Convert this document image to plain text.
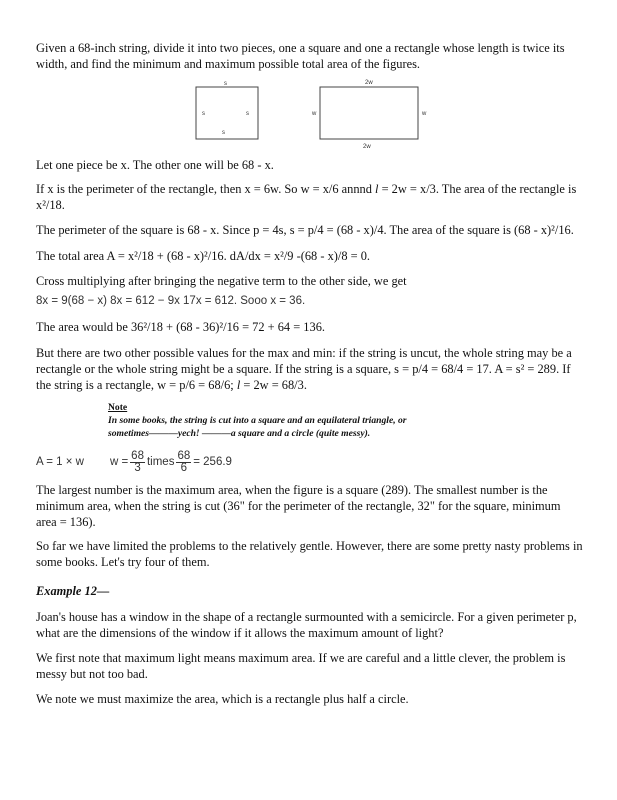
Given a 68-inch string, divide it into two pieces, one a square and one a rectangle whose length is twice its width, and find the minimum and maximum possible total area of the figures.

s
s	s
s
2w
w	w
2w

Let one piece be x. The other one will be 68 - x.

If x is the perimeter of the rectangle, then x = 6w. So w = x/6 annnd l = 2w = x/3. The area of the rectangle is x²/18.

The perimeter of the square is 68 - x. Since p = 4s, s = p/4 = (68 - x)/4. The area of the square is (68 - x)²/16.

The total area A = x²/18 + (68 - x)²/16. dA/dx = x²/9 -(68 - x)/8 = 0.

Cross multiplying after bringing the negative term to the other side, we get

8x = 9(68 − x) 8x = 612 − 9x 17x = 612. Sooo x = 36.

The area would be 36²/18 + (68 - 36)²/16 = 72 + 64 = 136.

But there are two other possible values for the max and min: if the string is uncut, the whole string may be a rectangle or the whole string might be a square. If the string is a square, s = p/4 = 68/4 = 17. A = s² = 289. If the string is a rectangle, w = p/6 = 68/6; l = 2w = 68/3.

Note
In some books, the string is cut into a square and an equilateral triangle, or sometimes———yech! ———a square and a circle (quite messy).
A = 1 × w $w = \frac{68}{3}$ times $\frac{68}{6} = 256.9$

The largest number is the maximum area, when the figure is a square (289). The smallest number is the minimum area, when the string is cut (36" for the perimeter of the rectangle, 32" for the square, minimum area = 136).

So far we have limited the problems to the relatively gentle. However, there are some pretty nasty problems in some books. Let's try four of them.

Example 12—

Joan's house has a window in the shape of a rectangle surmounted with a semicircle. For a given perimeter p, what are the dimensions of the window if it allows the maximum amount of light?

We first note that maximum light means maximum area. If we are careful and a little clever, the problem is messy but not too bad.

We note we must maximize the area, which is a rectangle plus half a circle.
